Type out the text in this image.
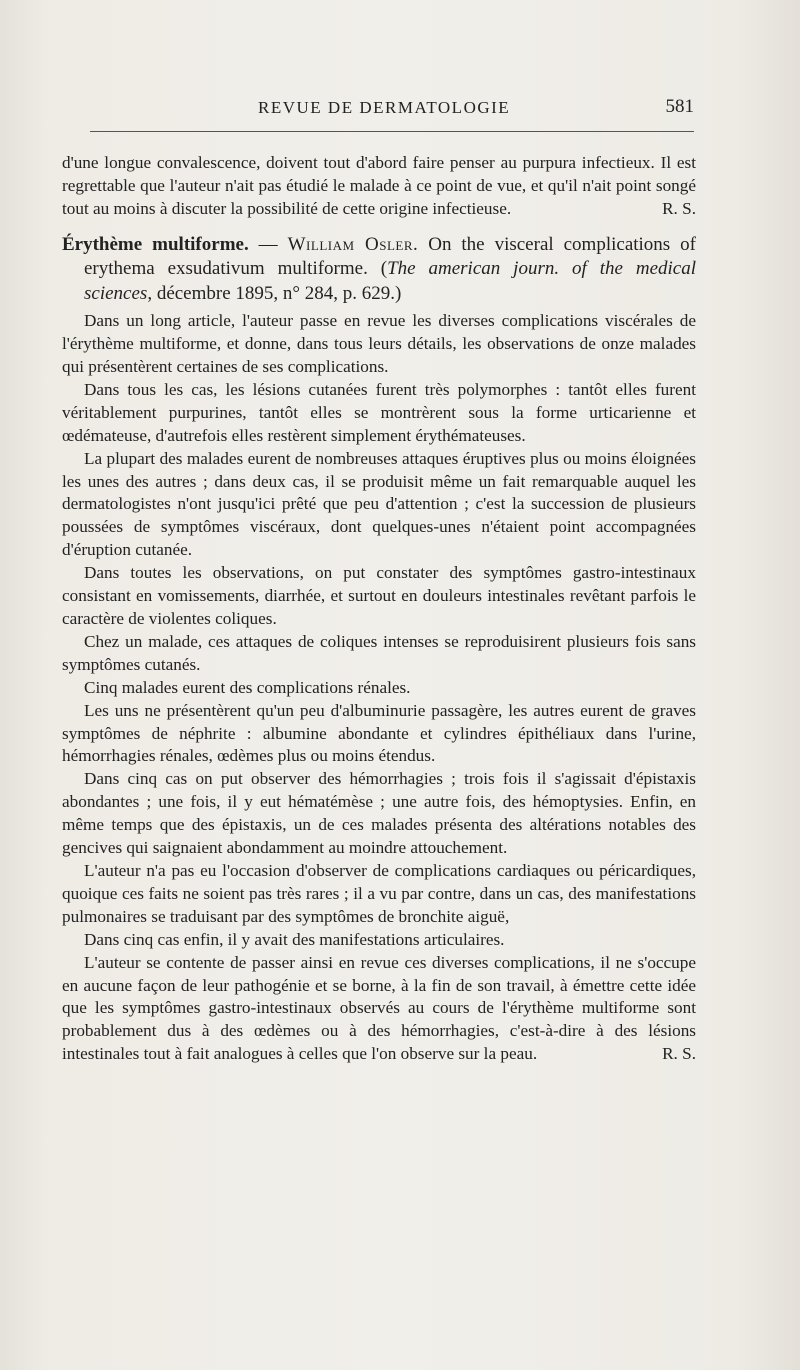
REVUE DE DERMATOLOGIE	581

d'une longue convalescence, doivent tout d'abord faire penser au purpura infectieux. Il est regrettable que l'auteur n'ait pas étudié le malade à ce point de vue, et qu'il n'ait point songé tout au moins à discuter la possibilité de cette origine infectieuse.	R. S.

Érythème multiforme. — William Osler. On the visceral complications of erythema exsudativum multiforme. (The american journ. of the medical sciences, décembre 1895, n° 284, p. 629.)

Dans un long article, l'auteur passe en revue les diverses complications viscérales de l'érythème multiforme, et donne, dans tous leurs détails, les observations de onze malades qui présentèrent certaines de ses complications.

Dans tous les cas, les lésions cutanées furent très polymorphes : tantôt elles furent véritablement purpurines, tantôt elles se montrèrent sous la forme urticarienne et œdémateuse, d'autrefois elles restèrent simplement érythémateuses.

La plupart des malades eurent de nombreuses attaques éruptives plus ou moins éloignées les unes des autres ; dans deux cas, il se produisit même un fait remarquable auquel les dermatologistes n'ont jusqu'ici prêté que peu d'attention ; c'est la succession de plusieurs poussées de symptômes viscéraux, dont quelques-unes n'étaient point accompagnées d'éruption cutanée.

Dans toutes les observations, on put constater des symptômes gastro-intestinaux consistant en vomissements, diarrhée, et surtout en douleurs intestinales revêtant parfois le caractère de violentes coliques.

Chez un malade, ces attaques de coliques intenses se reproduisirent plusieurs fois sans symptômes cutanés.

Cinq malades eurent des complications rénales.

Les uns ne présentèrent qu'un peu d'albuminurie passagère, les autres eurent de graves symptômes de néphrite : albumine abondante et cylindres épithéliaux dans l'urine, hémorrhagies rénales, œdèmes plus ou moins étendus.

Dans cinq cas on put observer des hémorrhagies ; trois fois il s'agissait d'épistaxis abondantes ; une fois, il y eut hématémèse ; une autre fois, des hémoptysies. Enfin, en même temps que des épistaxis, un de ces malades présenta des altérations notables des gencives qui saignaient abondamment au moindre attouchement.

L'auteur n'a pas eu l'occasion d'observer de complications cardiaques ou péricardiques, quoique ces faits ne soient pas très rares ; il a vu par contre, dans un cas, des manifestations pulmonaires se traduisant par des symptômes de bronchite aiguë,

Dans cinq cas enfin, il y avait des manifestations articulaires.

L'auteur se contente de passer ainsi en revue ces diverses complications, il ne s'occupe en aucune façon de leur pathogénie et se borne, à la fin de son travail, à émettre cette idée que les symptômes gastro-intestinaux observés au cours de l'érythème multiforme sont probablement dus à des œdèmes ou à des hémorrhagies, c'est-à-dire à des lésions intestinales tout à fait analogues à celles que l'on observe sur la peau.	R. S.
